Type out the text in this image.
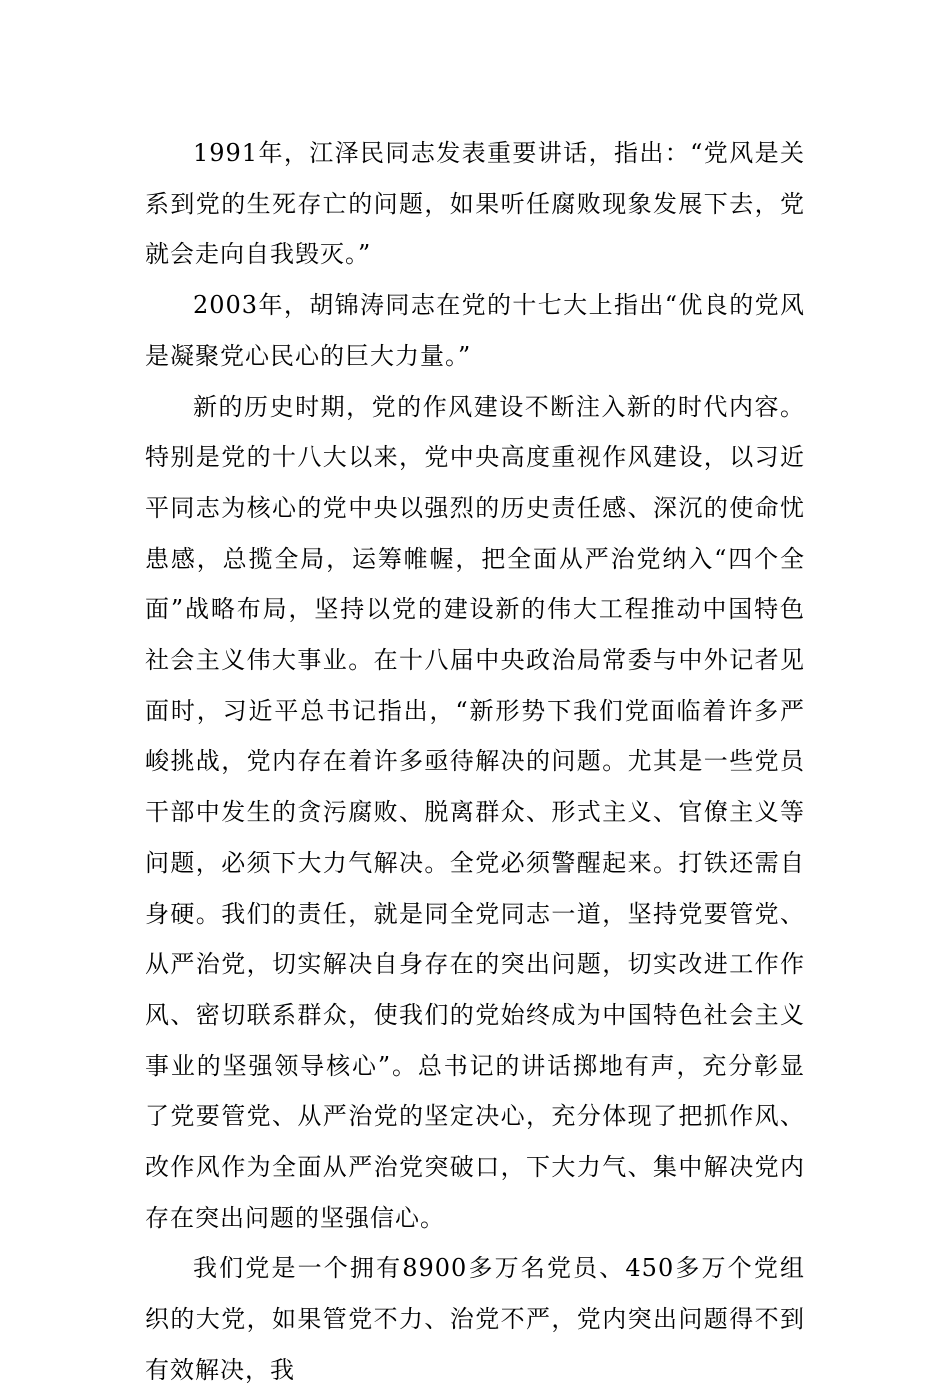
1991年，江泽民同志发表重要讲话，指出：“党风是关系到党的生死存亡的问题，如果听任腐败现象发展下去，党就会走向自我毁灭。”

2003年，胡锦涛同志在党的十七大上指出“优良的党风是凝聚党心民心的巨大力量。”

新的历史时期，党的作风建设不断注入新的时代内容。特别是党的十八大以来，党中央高度重视作风建设，以习近平同志为核心的党中央以强烈的历史责任感、深沉的使命忧患感，总揽全局，运筹帷幄，把全面从严治党纳入“四个全面”战略布局，坚持以党的建设新的伟大工程推动中国特色社会主义伟大事业。在十八届中央政治局常委与中外记者见面时，习近平总书记指出，“新形势下我们党面临着许多严峻挑战，党内存在着许多亟待解决的问题。尤其是一些党员干部中发生的贪污腐败、脱离群众、形式主义、官僚主义等问题，必须下大力气解决。全党必须警醒起来。打铁还需自身硬。我们的责任，就是同全党同志一道，坚持党要管党、从严治党，切实解决自身存在的突出问题，切实改进工作作风、密切联系群众，使我们的党始终成为中国特色社会主义事业的坚强领导核心”。总书记的讲话掷地有声，充分彰显了党要管党、从严治党的坚定决心，充分体现了把抓作风、改作风作为全面从严治党突破口，下大力气、集中解决党内存在突出问题的坚强信心。

我们党是一个拥有8900多万名党员、450多万个党组织的大党，如果管党不力、治党不严，党内突出问题得不到有效解决，我
